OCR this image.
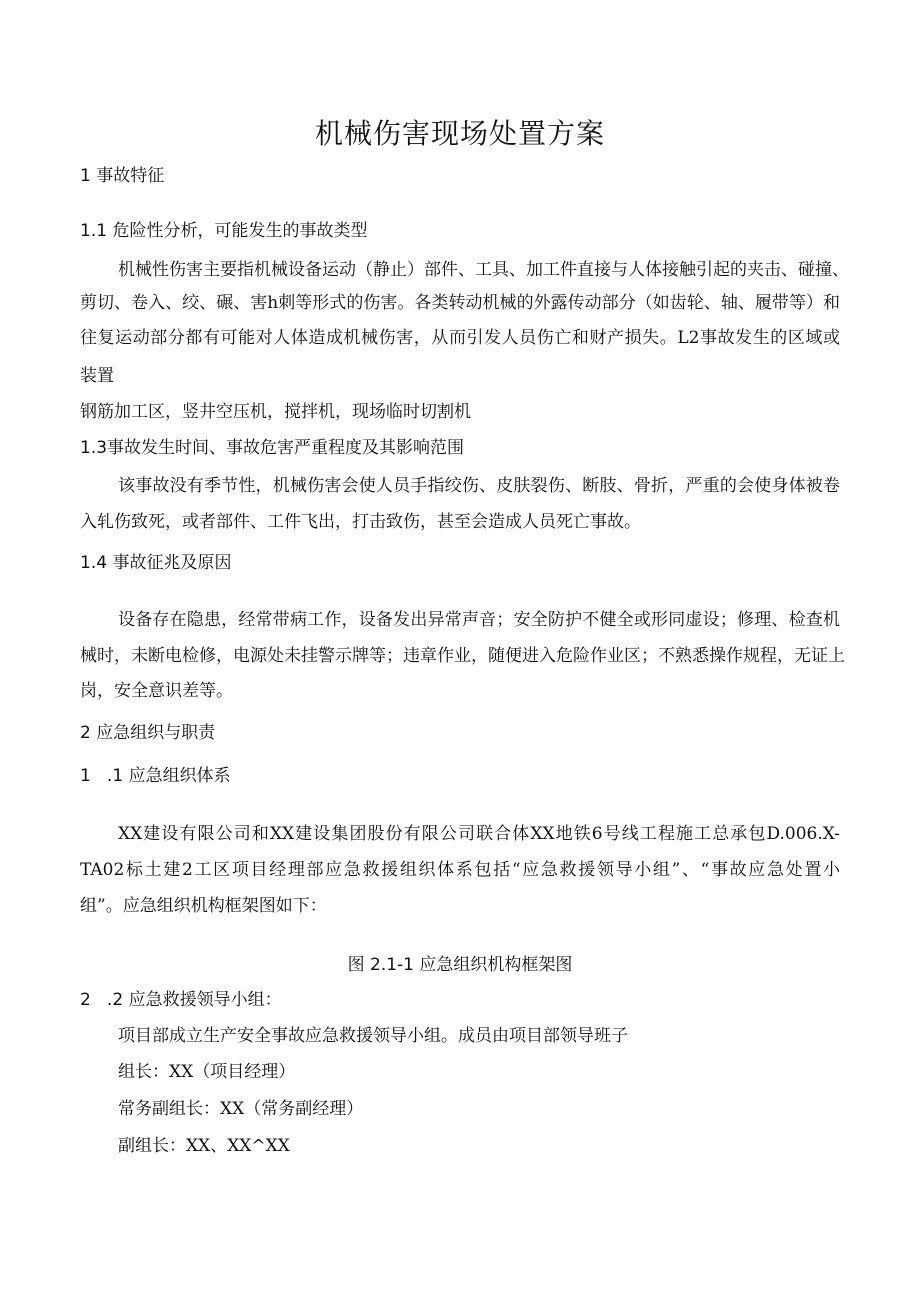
机械伤害现场处置方案
1 事故特征
1.1 危险性分析，可能发生的事故类型
机械性伤害主要指机械设备运动（静止）部件、工具、加工件直接与人体接触引起的夹击、碰撞、
剪切、卷入、绞、碾、害h刺等形式的伤害。各类转动机械的外露传动部分（如齿轮、轴、履带等）和
往复运动部分都有可能对人体造成机械伤害，从而引发人员伤亡和财产损失。L2事故发生的区域或
装置
钢筋加工区，竖井空压机，搅拌机，现场临时切割机
1.3事故发生时间、事故危害严重程度及其影响范围
该事故没有季节性，机械伤害会使人员手指绞伤、皮肤裂伤、断肢、骨折，严重的会使身体被卷
入轧伤致死，或者部件、工件飞出，打击致伤，甚至会造成人员死亡事故。
1.4 事故征兆及原因
设备存在隐患，经常带病工作，设备发出异常声音；安全防护不健全或形同虚设；修理、检查机
械时，未断电检修，电源处未挂警示牌等；违章作业，随便进入危险作业区；不熟悉操作规程，无证上
岗，安全意识差等。
2 应急组织与职责
1   .1 应急组织体系
XX建设有限公司和XX建设集团股份有限公司联合体XX地铁6号线工程施工总承包D.006.X-
TA02标土建2工区项目经理部应急救援组织体系包括“应急救援领导小组”、“事故应急处置小
组”。应急组织机构框架图如下：
图 2.1-1 应急组织机构框架图
2   .2 应急救援领导小组：
项目部成立生产安全事故应急救援领导小组。成员由项目部领导班子
组长：XX（项目经理）
常务副组长：XX（常务副经理）
副组长：XX、XX^XX
